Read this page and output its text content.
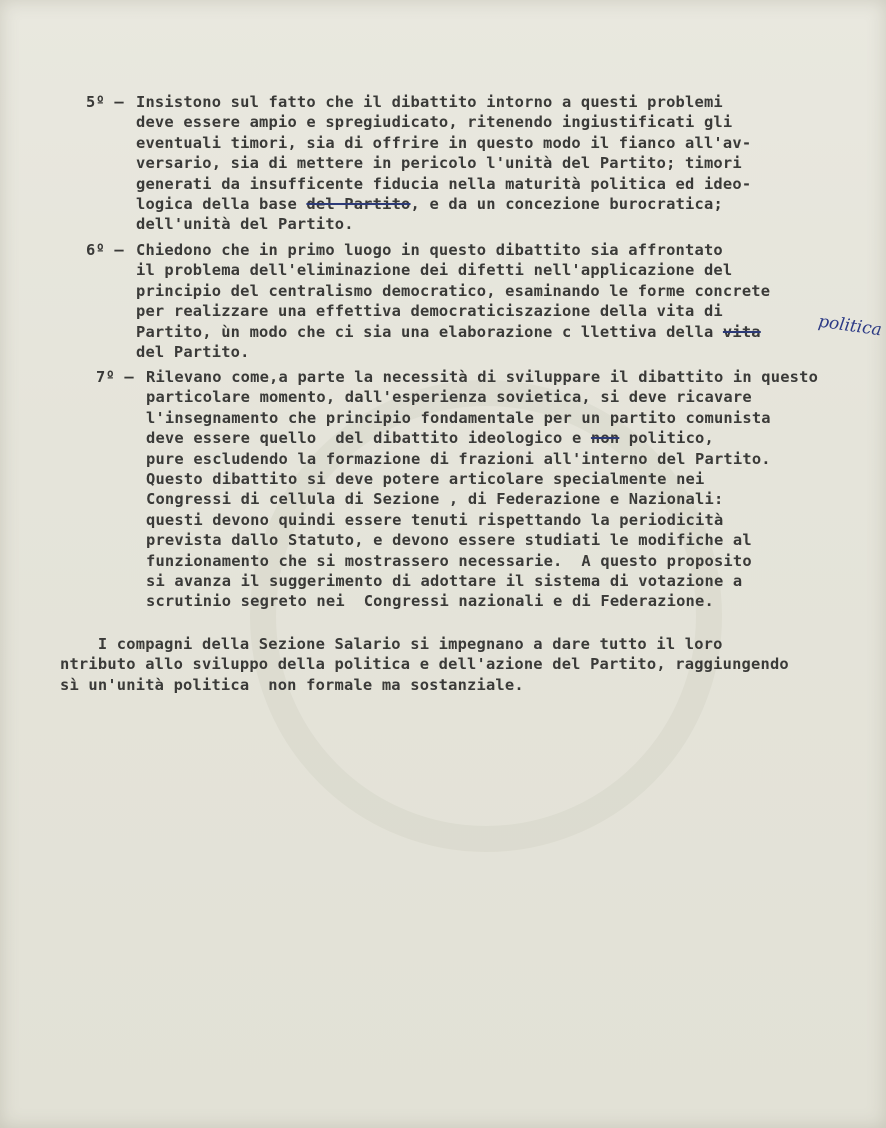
5º – Insistono sul fatto che il dibattito intorno a questi problemi
deve essere ampio e spregiudicato, ritenendo ingiustificati gli
eventuali timori, sia di offrire in questo modo il fianco all'av-
versario, sia di mettere in pericolo l'unità del Partito; timori
generati da insufficente fiducia nella maturità politica ed ideo-
logica della base del Partito, e da un concezione burocratica;
dell'unità del Partito.
6º – Chiedono che in primo luogo in questo dibattito sia affrontato
il problema dell'eliminazione dei difetti nell'applicazione del
principio del centralismo democratico, esaminando le forme concrete
per realizzare una effettiva democraticiszazione della vita di
Partito, ùn modo che ci sia una elaborazione c llettiva della vita
del Partito.
politica
7º – Rilevano come,a parte la necessità di sviluppare il dibattito in questo
particolare momento, dall'esperienza sovietica, si deve ricavare
l'insegnamento che principio fondamentale per un partito comunista
deve essere quello  del dibattito ideologico e non politico,
pure escludendo la formazione di frazioni all'interno del Partito.
Questo dibattito si deve potere articolare specialmente nei
Congressi di cellula di Sezione , di Federazione e Nazionali:
questi devono quindi essere tenuti rispettando la periodicità
prevista dallo Statuto, e devono essere studiati le modifiche al
funzionamento che si mostrassero necessarie.  A questo proposito
si avanza il suggerimento di adottare il sistema di votazione a
scrutinio segreto nei  Congressi nazionali e di Federazione.
I compagni della Sezione Salario si impegnano a dare tutto il loro
ntributo allo sviluppo della politica e dell'azione del Partito, raggiungendo
sì un'unità politica  non formale ma sostanziale.
